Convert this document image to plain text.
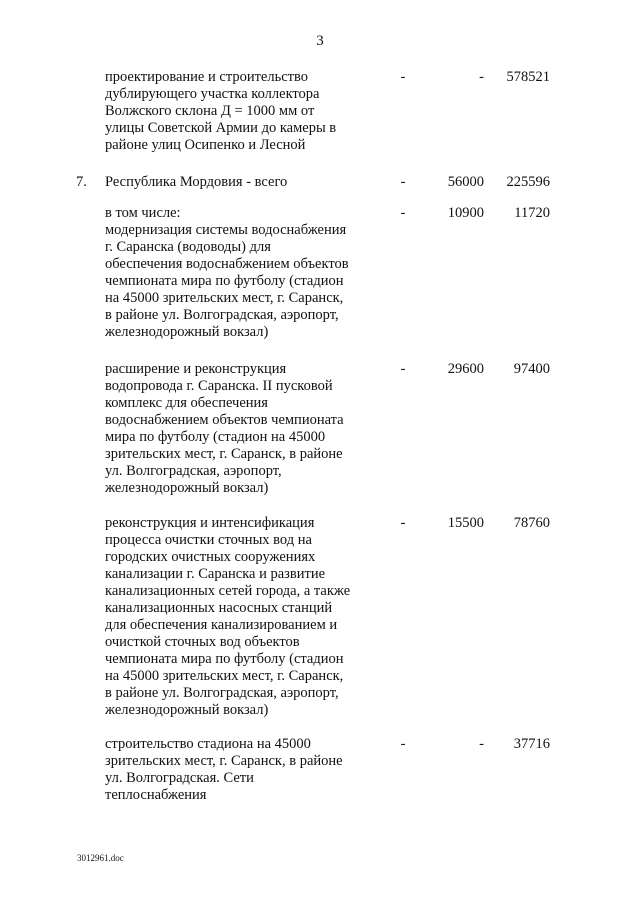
3
проектирование и строительство
дублирующего участка коллектора
Волжского склона Д = 1000 мм от
улицы Советской Армии до камеры в
районе улиц Осипенко и Лесной
-	-	578521
7. Республика Мордовия - всего	-	56000	225596
в том числе:
модернизация системы водоснабжения
г. Саранска (водоводы) для
обеспечения водоснабжением объектов
чемпионата мира по футболу (стадион
на 45000 зрительских мест, г. Саранск,
в районе ул. Волгоградская, аэропорт,
железнодорожный вокзал)
-	10900	11720
расширение и реконструкция
водопровода г. Саранска. II пусковой
комплекс для обеспечения
водоснабжением объектов чемпионата
мира по футболу (стадион на 45000
зрительских мест, г. Саранск, в районе
ул. Волгоградская, аэропорт,
железнодорожный вокзал)
-	29600	97400
реконструкция и интенсификация
процесса очистки сточных вод на
городских очистных сооружениях
канализации г. Саранска и развитие
канализационных сетей города, а также
канализационных насосных станций
для обеспечения канализированием и
очисткой сточных вод объектов
чемпионата мира по футболу (стадион
на 45000 зрительских мест, г. Саранск,
в районе ул. Волгоградская, аэропорт,
железнодорожный вокзал)
-	15500	78760
строительство стадиона на 45000
зрительских мест, г. Саранск, в районе
ул. Волгоградская. Сети
теплоснабжения
-	-	37716
3012961.doc
